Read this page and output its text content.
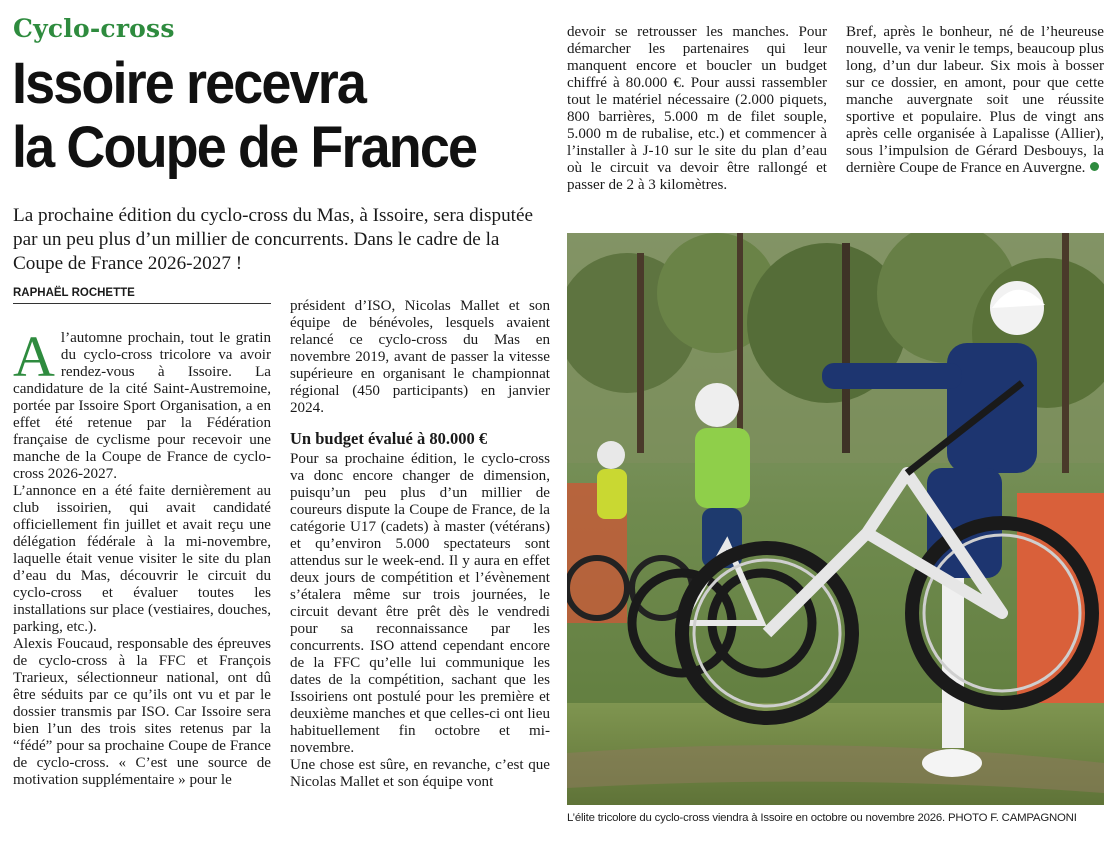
Cyclo-cross
Issoire recevra
la Coupe de France
La prochaine édition du cyclo-cross du Mas, à Issoire, sera disputée par un peu plus d’un millier de concurrents. Dans le cadre de la Coupe de France 2026-2027 !
RAPHAËL ROCHETTE
A l’automne prochain, tout le gratin du cyclo-cross tricolore va avoir rendez-vous à Issoire. La candidature de la cité Saint-Austremoine, portée par Issoire Sport Organisation, a en effet été retenue par la Fédération française de cyclisme pour recevoir une manche de la Coupe de France de cyclo-cross 2026-2027.

L’annonce en a été faite dernièrement au club issoirien, qui avait candidaté officiellement fin juillet et avait reçu une délégation fédérale à la mi-novembre, laquelle était venue visiter le site du plan d’eau du Mas, découvrir le circuit du cyclo-cross et évaluer toutes les installations sur place (vestiaires, douches, parking, etc.).

Alexis Foucaud, responsable des épreuves de cyclo-cross à la FFC et François Trarieux, sélectionneur national, ont dû être séduits par ce qu’ils ont vu et par le dossier transmis par ISO. Car Issoire sera bien l’un des trois sites retenus par la “fédé” pour sa prochaine Coupe de France de cyclo-cross. « C’est une source de motivation supplémentaire » pour le

président d’ISO, Nicolas Mallet et son équipe de bénévoles, lesquels avaient relancé ce cyclo-cross du Mas en novembre 2019, avant de passer la vitesse supérieure en organisant le championnat régional (450 participants) en janvier 2024.

Un budget évalué à 80.000 €

Pour sa prochaine édition, le cyclo-cross va donc encore changer de dimension, puisqu’un peu plus d’un millier de coureurs dispute la Coupe de France, de la catégorie U17 (cadets) à master (vétérans) et qu’environ 5.000 spectateurs sont attendus sur le week-end. Il y aura en effet deux jours de compétition et l’évènement s’étalera même sur trois journées, le circuit devant être prêt dès le vendredi pour sa reconnaissance par les concurrents. ISO attend cependant encore de la FFC qu’elle lui communique les dates de la compétition, sachant que les Issoiriens ont postulé pour les première et deuxième manches et que celles-ci ont lieu habituellement fin octobre et mi-novembre.

Une chose est sûre, en revanche, c’est que Nicolas Mallet et son équipe vont

devoir se retrousser les manches. Pour démarcher les partenaires qui leur manquent encore et boucler un budget chiffré à 80.000 €. Pour aussi rassembler tout le matériel nécessaire (2.000 piquets, 800 barrières, 5.000 m de filet souple, 5.000 m de rubalise, etc.) et commencer à l’installer à J-10 sur le site du plan d’eau où le circuit va devoir être rallongé et passer de 2 à 3 kilomètres.

Bref, après le bonheur, né de l’heureuse nouvelle, va venir le temps, beaucoup plus long, d’un dur labeur. Six mois à bosser sur ce dossier, en amont, pour que cette manche auvergnate soit une réussite sportive et populaire. Plus de vingt ans après celle organisée à Lapalisse (Allier), sous l’impulsion de Gérard Desbouys, la dernière Coupe de France en Auvergne.

L’élite tricolore du cyclo-cross viendra à Issoire en octobre ou novembre 2026. PHOTO F. CAMPAGNONI
